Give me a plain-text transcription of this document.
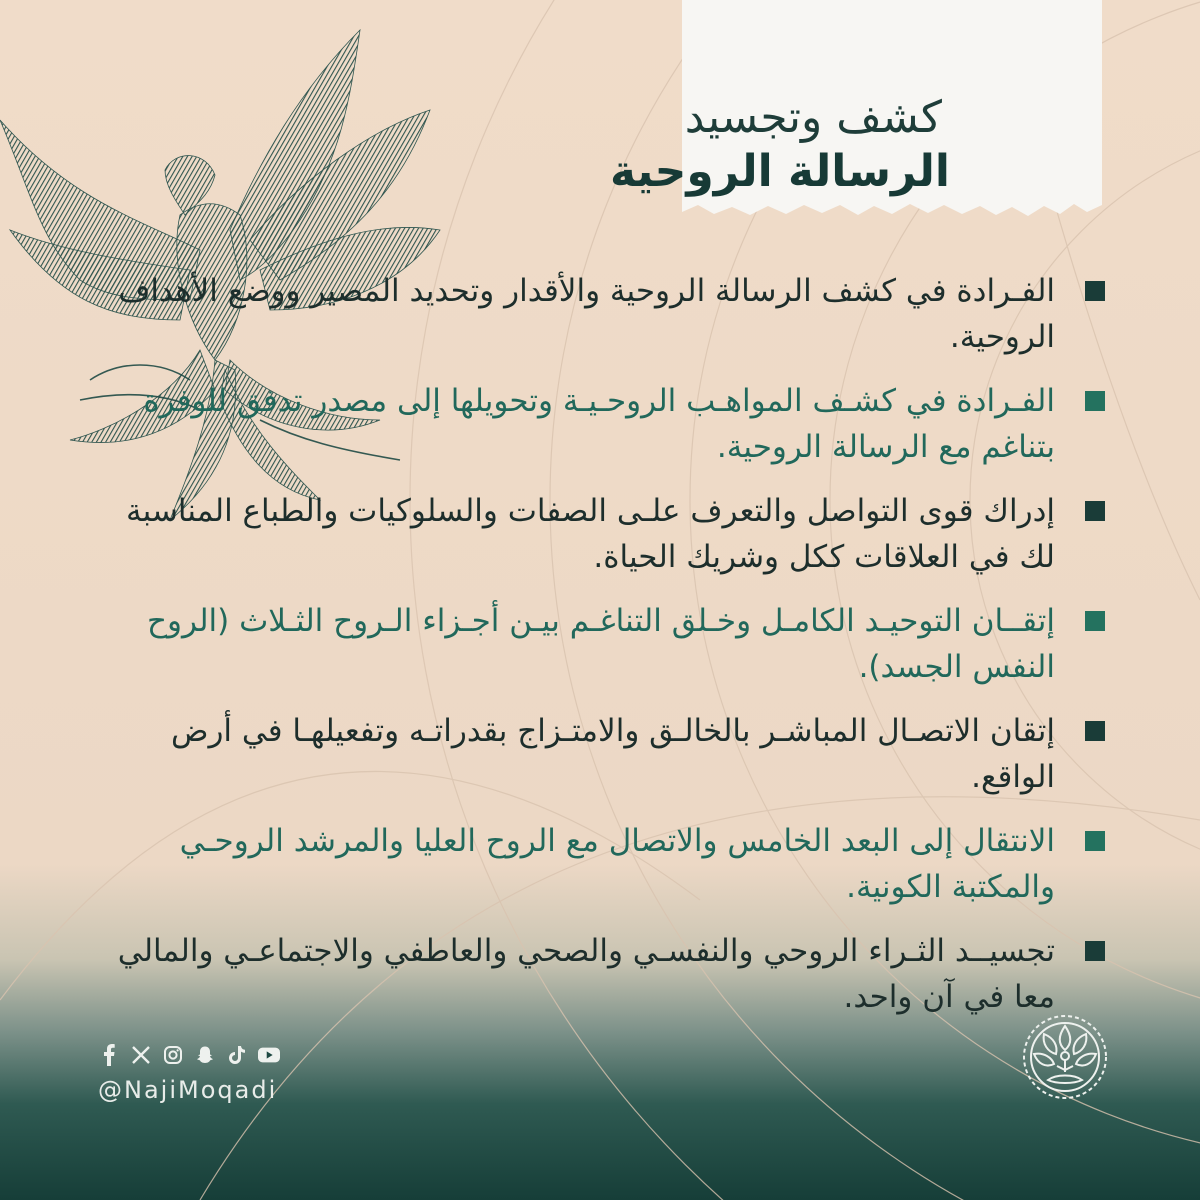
كشف وتجسيد
الرسالة الروحية
الفـرادة في كشف الرسالة الروحية والأقدار وتحديد المصير ووضع الأهداف الروحية.
الفـرادة في كشـف المواهـب الروحـيـة وتحويلها إلى مصدر تدفق للوفرة بتناغم مع الرسالة الروحية.
إدراك قوى التواصل والتعرف علـى الصفات والسلوكيات والطباع المناسبة لك في العلاقات ككل وشريك الحياة.
إتقــان التوحيـد الكامـل وخـلق التناغـم بيـن أجـزاء الـروح الثـلاث (الروح النفس الجسد).
إتقان الاتصـال المباشـر بالخالـق والامتـزاج بقدراتـه وتفعيلهـا في أرض الواقع.
الانتقال إلى البعد الخامس والاتصال مع الروح العليا والمرشد الروحـي والمكتبة الكونية.
تجسيــد الثـراء الروحي والنفسـي والصحي والعاطفي والاجتماعـي والمالي معا في آن واحد.
@NajiMoqadi
